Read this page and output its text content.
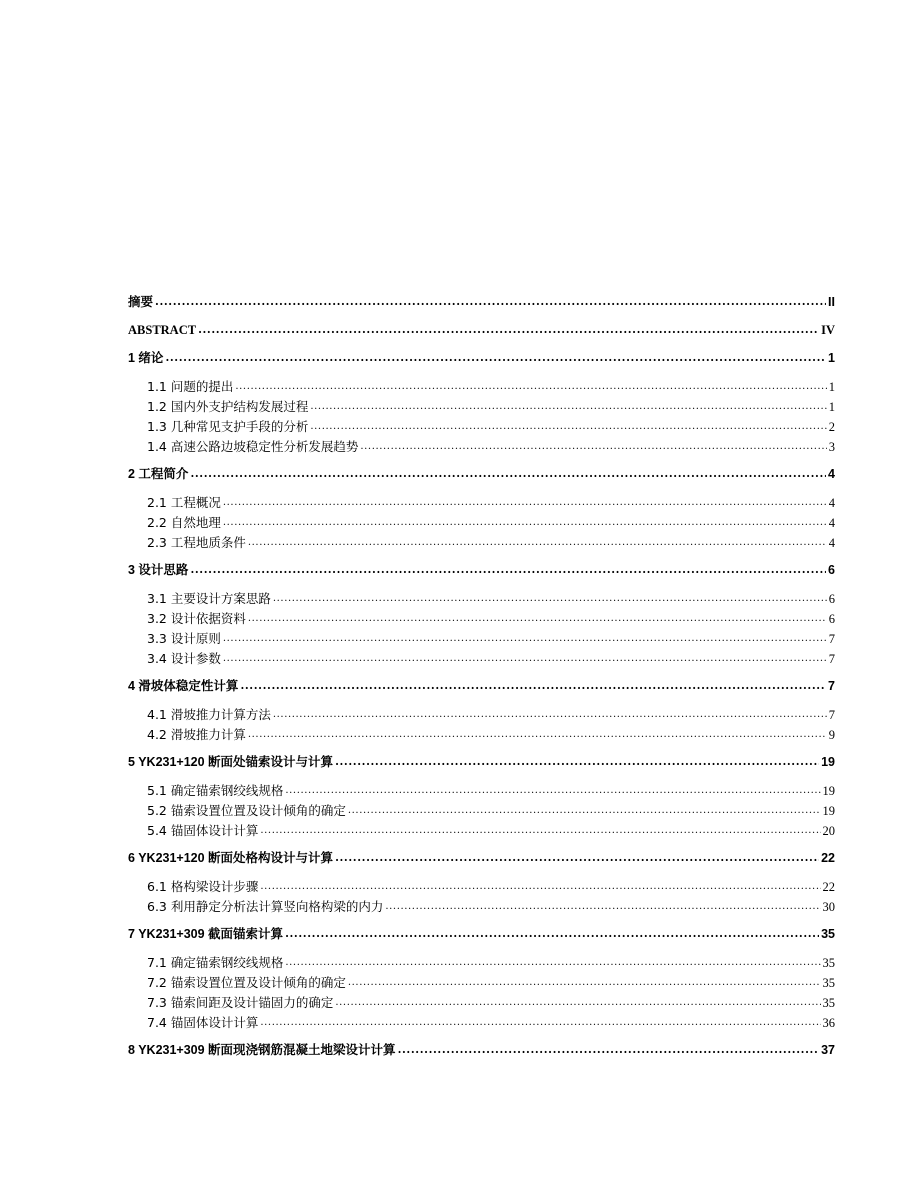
摘要 .....	II
ABSTRACT .....	IV
1 绪论 .....	1
1.1 问题的提出 .....	1
1.2 国内外支护结构发展过程 .....	1
1.3 几种常见支护手段的分析 .....	2
1.4 高速公路边坡稳定性分析发展趋势 .....	3
2 工程简介 .....	4
2.1 工程概况 .....	4
2.2 自然地理 .....	4
2.3 工程地质条件 .....	4
3 设计思路 .....	6
3.1 主要设计方案思路 .....	6
3.2 设计依据资料 .....	6
3.3 设计原则 .....	7
3.4 设计参数 .....	7
4 滑坡体稳定性计算 .....	7
4.1 滑坡推力计算方法 .....	7
4.2 滑坡推力计算 .....	9
5 YK231+120 断面处锚索设计与计算 .....	19
5.1 确定锚索钢绞线规格 .....	19
5.2 锚索设置位置及设计倾角的确定 .....	19
5.4 锚固体设计计算 .....	20
6 YK231+120 断面处格构设计与计算 .....	22
6.1 格构梁设计步骤 .....	22
6.3 利用静定分析法计算竖向格构梁的内力 .....	30
7 YK231+309 截面锚索计算 .....	35
7.1 确定锚索钢绞线规格 .....	35
7.2 锚索设置位置及设计倾角的确定 .....	35
7.3 锚索间距及设计锚固力的确定 .....	35
7.4 锚固体设计计算 .....	36
8 YK231+309 断面现浇钢筋混凝土地梁设计计算 .....	37
